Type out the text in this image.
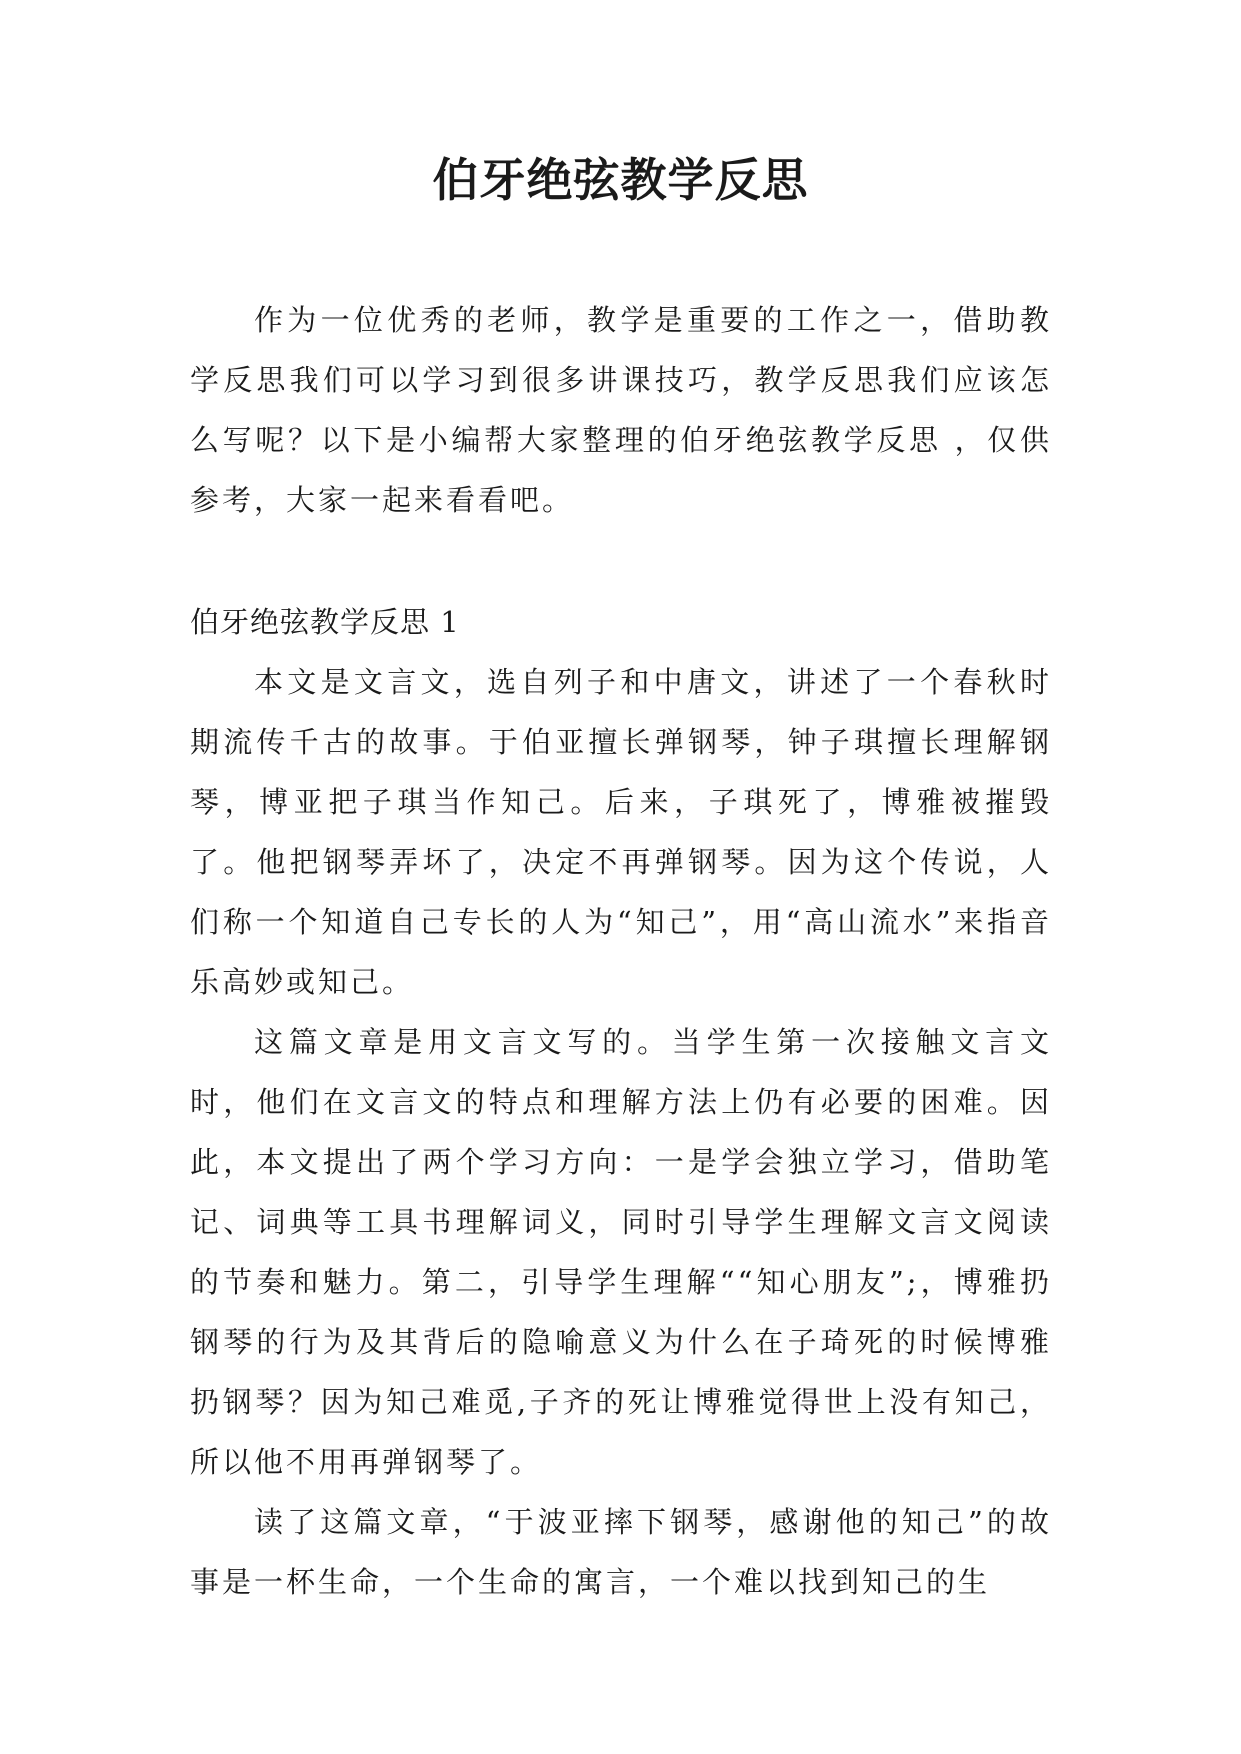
伯牙绝弦教学反思

作为一位优秀的老师，教学是重要的工作之一，借助教学反思我们可以学习到很多讲课技巧，教学反思我们应该怎么写呢？以下是小编帮大家整理的伯牙绝弦教学反思 ，仅供参考，大家一起来看看吧。

伯牙绝弦教学反思 1

本文是文言文，选自列子和中唐文，讲述了一个春秋时期流传千古的故事。于伯亚擅长弹钢琴，钟子琪擅长理解钢琴，博亚把子琪当作知己。后来，子琪死了，博雅被摧毁了。他把钢琴弄坏了，决定不再弹钢琴。因为这个传说，人们称一个知道自己专长的人为“知己”，用“高山流水”来指音乐高妙或知己。

这篇文章是用文言文写的。当学生第一次接触文言文时，他们在文言文的特点和理解方法上仍有必要的困难。因此，本文提出了两个学习方向：一是学会独立学习，借助笔记、词典等工具书理解词义，同时引导学生理解文言文阅读的节奏和魅力。第二，引导学生理解““知心朋友”;，博雅扔钢琴的行为及其背后的隐喻意义为什么在子琦死的时候博雅扔钢琴？因为知己难觅,子齐的死让博雅觉得世上没有知己，所以他不用再弹钢琴了。

读了这篇文章，“于波亚摔下钢琴，感谢他的知己”的故事是一杯生命，一个生命的寓言，一个难以找到知己的生
